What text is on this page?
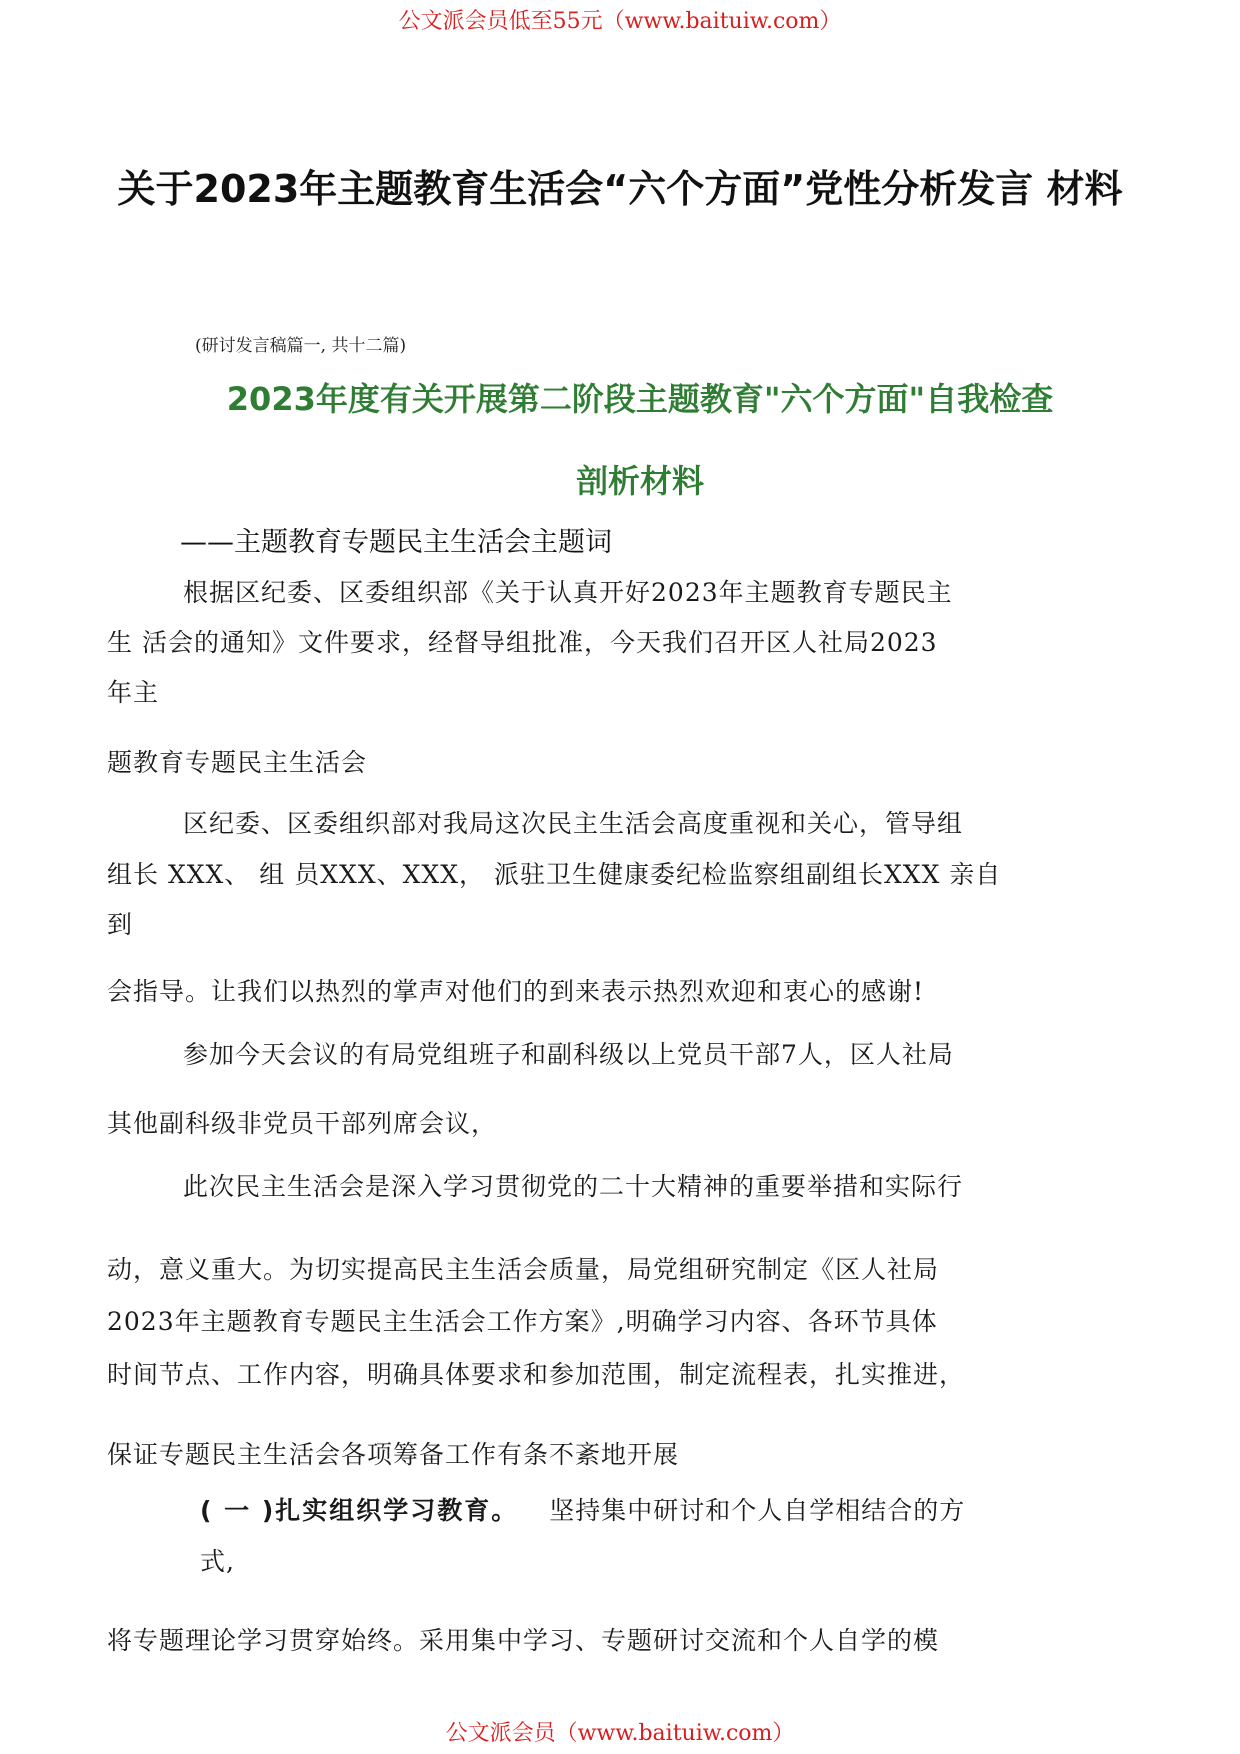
公文派会员低至55元（www.baituiw.com）
关于2023年主题教育生活会“六个方面”党性分析发言 材料
(研讨发言稿篇一, 共十二篇)
2023年度有关开展第二阶段主题教育"六个方面"自我检查
剖析材料
——主题教育专题民主生活会主题词
根据区纪委、区委组织部《关于认真开好2023年主题教育专题民主
生 活会的通知》文件要求，经督导组批准，今天我们召开区人社局2023
年主
题教育专题民主生活会
区纪委、区委组织部对我局这次民主生活会高度重视和关心，管导组
组长 XXX、 组 员XXX、XXX， 派驻卫生健康委纪检监察组副组长XXX 亲自
到
会指导。让我们以热烈的掌声对他们的到来表示热烈欢迎和衷心的感谢!
参加今天会议的有局党组班子和副科级以上党员干部7人，区人社局
其他副科级非党员干部列席会议，
此次民主生活会是深入学习贯彻党的二十大精神的重要举措和实际行
动，意义重大。为切实提高民主生活会质量，局党组研究制定《区人社局
2023年主题教育专题民主生活会工作方案》,明确学习内容、各环节具体
时间节点、工作内容，明确具体要求和参加范围，制定流程表，扎实推进，
保证专题民主生活会各项筹备工作有条不紊地开展
( 一 )扎实组织学习教育。 坚持集中研讨和个人自学相结合的方
式,
将专题理论学习贯穿始终。采用集中学习、专题研讨交流和个人自学的模
公文派会员（www.baituiw.com）
